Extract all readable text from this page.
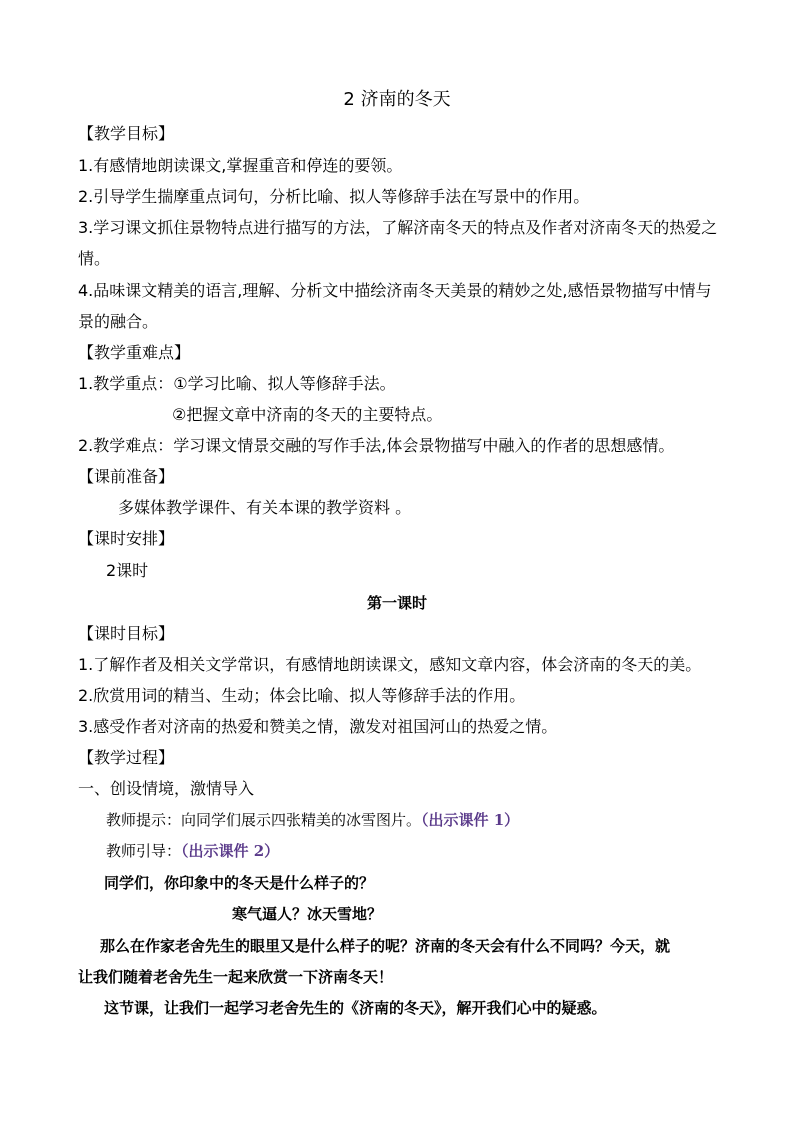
2 济南的冬天
【教学目标】
1.有感情地朗读课文,掌握重音和停连的要领。
2.引导学生揣摩重点词句，分析比喻、拟人等修辞手法在写景中的作用。
3.学习课文抓住景物特点进行描写的方法，了解济南冬天的特点及作者对济南冬天的热爱之
情。
4.品味课文精美的语言,理解、分析文中描绘济南冬天美景的精妙之处,感悟景物描写中情与
景的融合。
【教学重难点】
1.教学重点：①学习比喻、拟人等修辞手法。
②把握文章中济南的冬天的主要特点。
2.教学难点：学习课文情景交融的写作手法,体会景物描写中融入的作者的思想感情。
【课前准备】
多媒体教学课件、有关本课的教学资料 。
【课时安排】
2课时
第一课时
【课时目标】
1.了解作者及相关文学常识，有感情地朗读课文，感知文章内容，体会济南的冬天的美。
2.欣赏用词的精当、生动；体会比喻、拟人等修辞手法的作用。
3.感受作者对济南的热爱和赞美之情，激发对祖国河山的热爱之情。
【教学过程】
一、创设情境，激情导入
教师提示：向同学们展示四张精美的冰雪图片。（出示课件 1）
教师引导：（出示课件 2）
同学们，你印象中的冬天是什么样子的？
寒气逼人？冰天雪地？
那么在作家老舍先生的眼里又是什么样子的呢？济南的冬天会有什么不同吗？今天，就
让我们随着老舍先生一起来欣赏一下济南冬天！
这节课，让我们一起学习老舍先生的《济南的冬天》，解开我们心中的疑惑。
